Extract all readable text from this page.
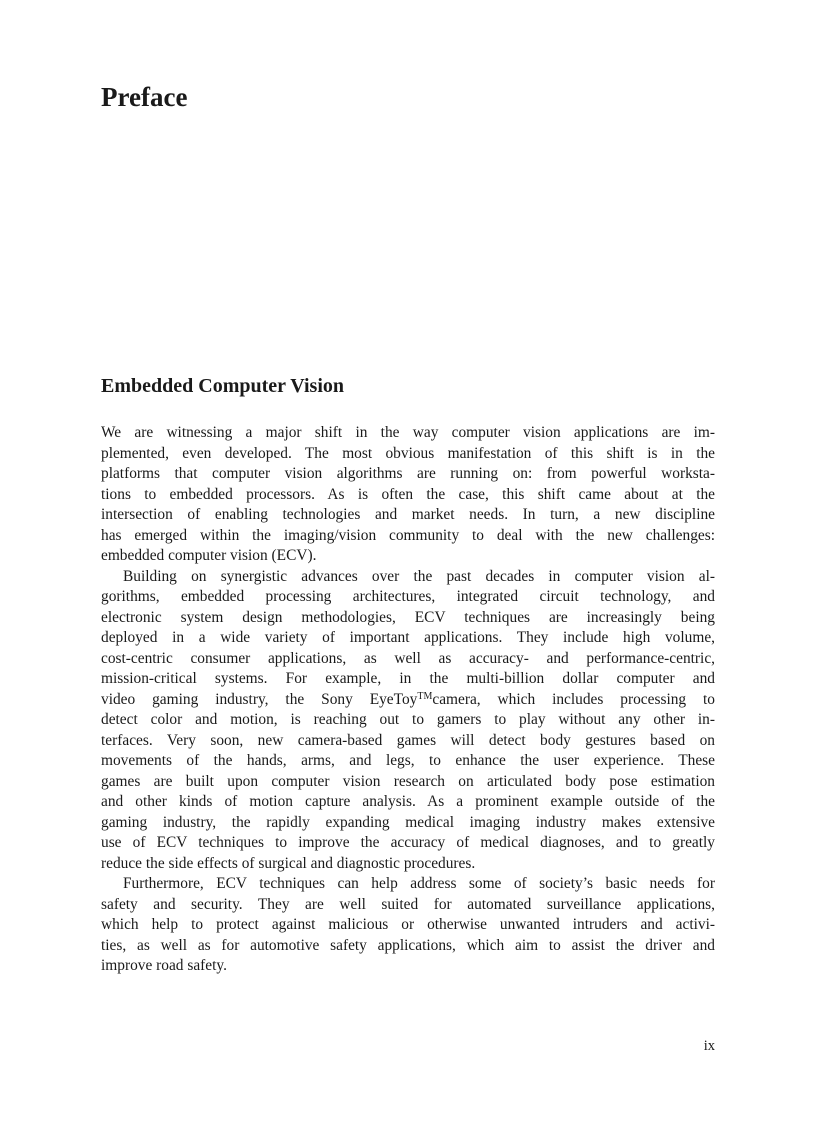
Preface
Embedded Computer Vision
We are witnessing a major shift in the way computer vision applications are im-
plemented, even developed. The most obvious manifestation of this shift is in the
platforms that computer vision algorithms are running on: from powerful worksta-
tions to embedded processors. As is often the case, this shift came about at the
intersection of enabling technologies and market needs. In turn, a new discipline
has emerged within the imaging/vision community to deal with the new challenges:
embedded computer vision (ECV).
Building on synergistic advances over the past decades in computer vision al-
gorithms, embedded processing architectures, integrated circuit technology, and
electronic system design methodologies, ECV techniques are increasingly being
deployed in a wide variety of important applications. They include high volume,
cost-centric consumer applications, as well as accuracy- and performance-centric,
mission-critical systems. For example, in the multi-billion dollar computer and
video gaming industry, the Sony EyeToy™camera, which includes processing to
detect color and motion, is reaching out to gamers to play without any other in-
terfaces. Very soon, new camera-based games will detect body gestures based on
movements of the hands, arms, and legs, to enhance the user experience. These
games are built upon computer vision research on articulated body pose estimation
and other kinds of motion capture analysis. As a prominent example outside of the
gaming industry, the rapidly expanding medical imaging industry makes extensive
use of ECV techniques to improve the accuracy of medical diagnoses, and to greatly
reduce the side effects of surgical and diagnostic procedures.
Furthermore, ECV techniques can help address some of society’s basic needs for
safety and security. They are well suited for automated surveillance applications,
which help to protect against malicious or otherwise unwanted intruders and activi-
ties, as well as for automotive safety applications, which aim to assist the driver and
improve road safety.
ix
